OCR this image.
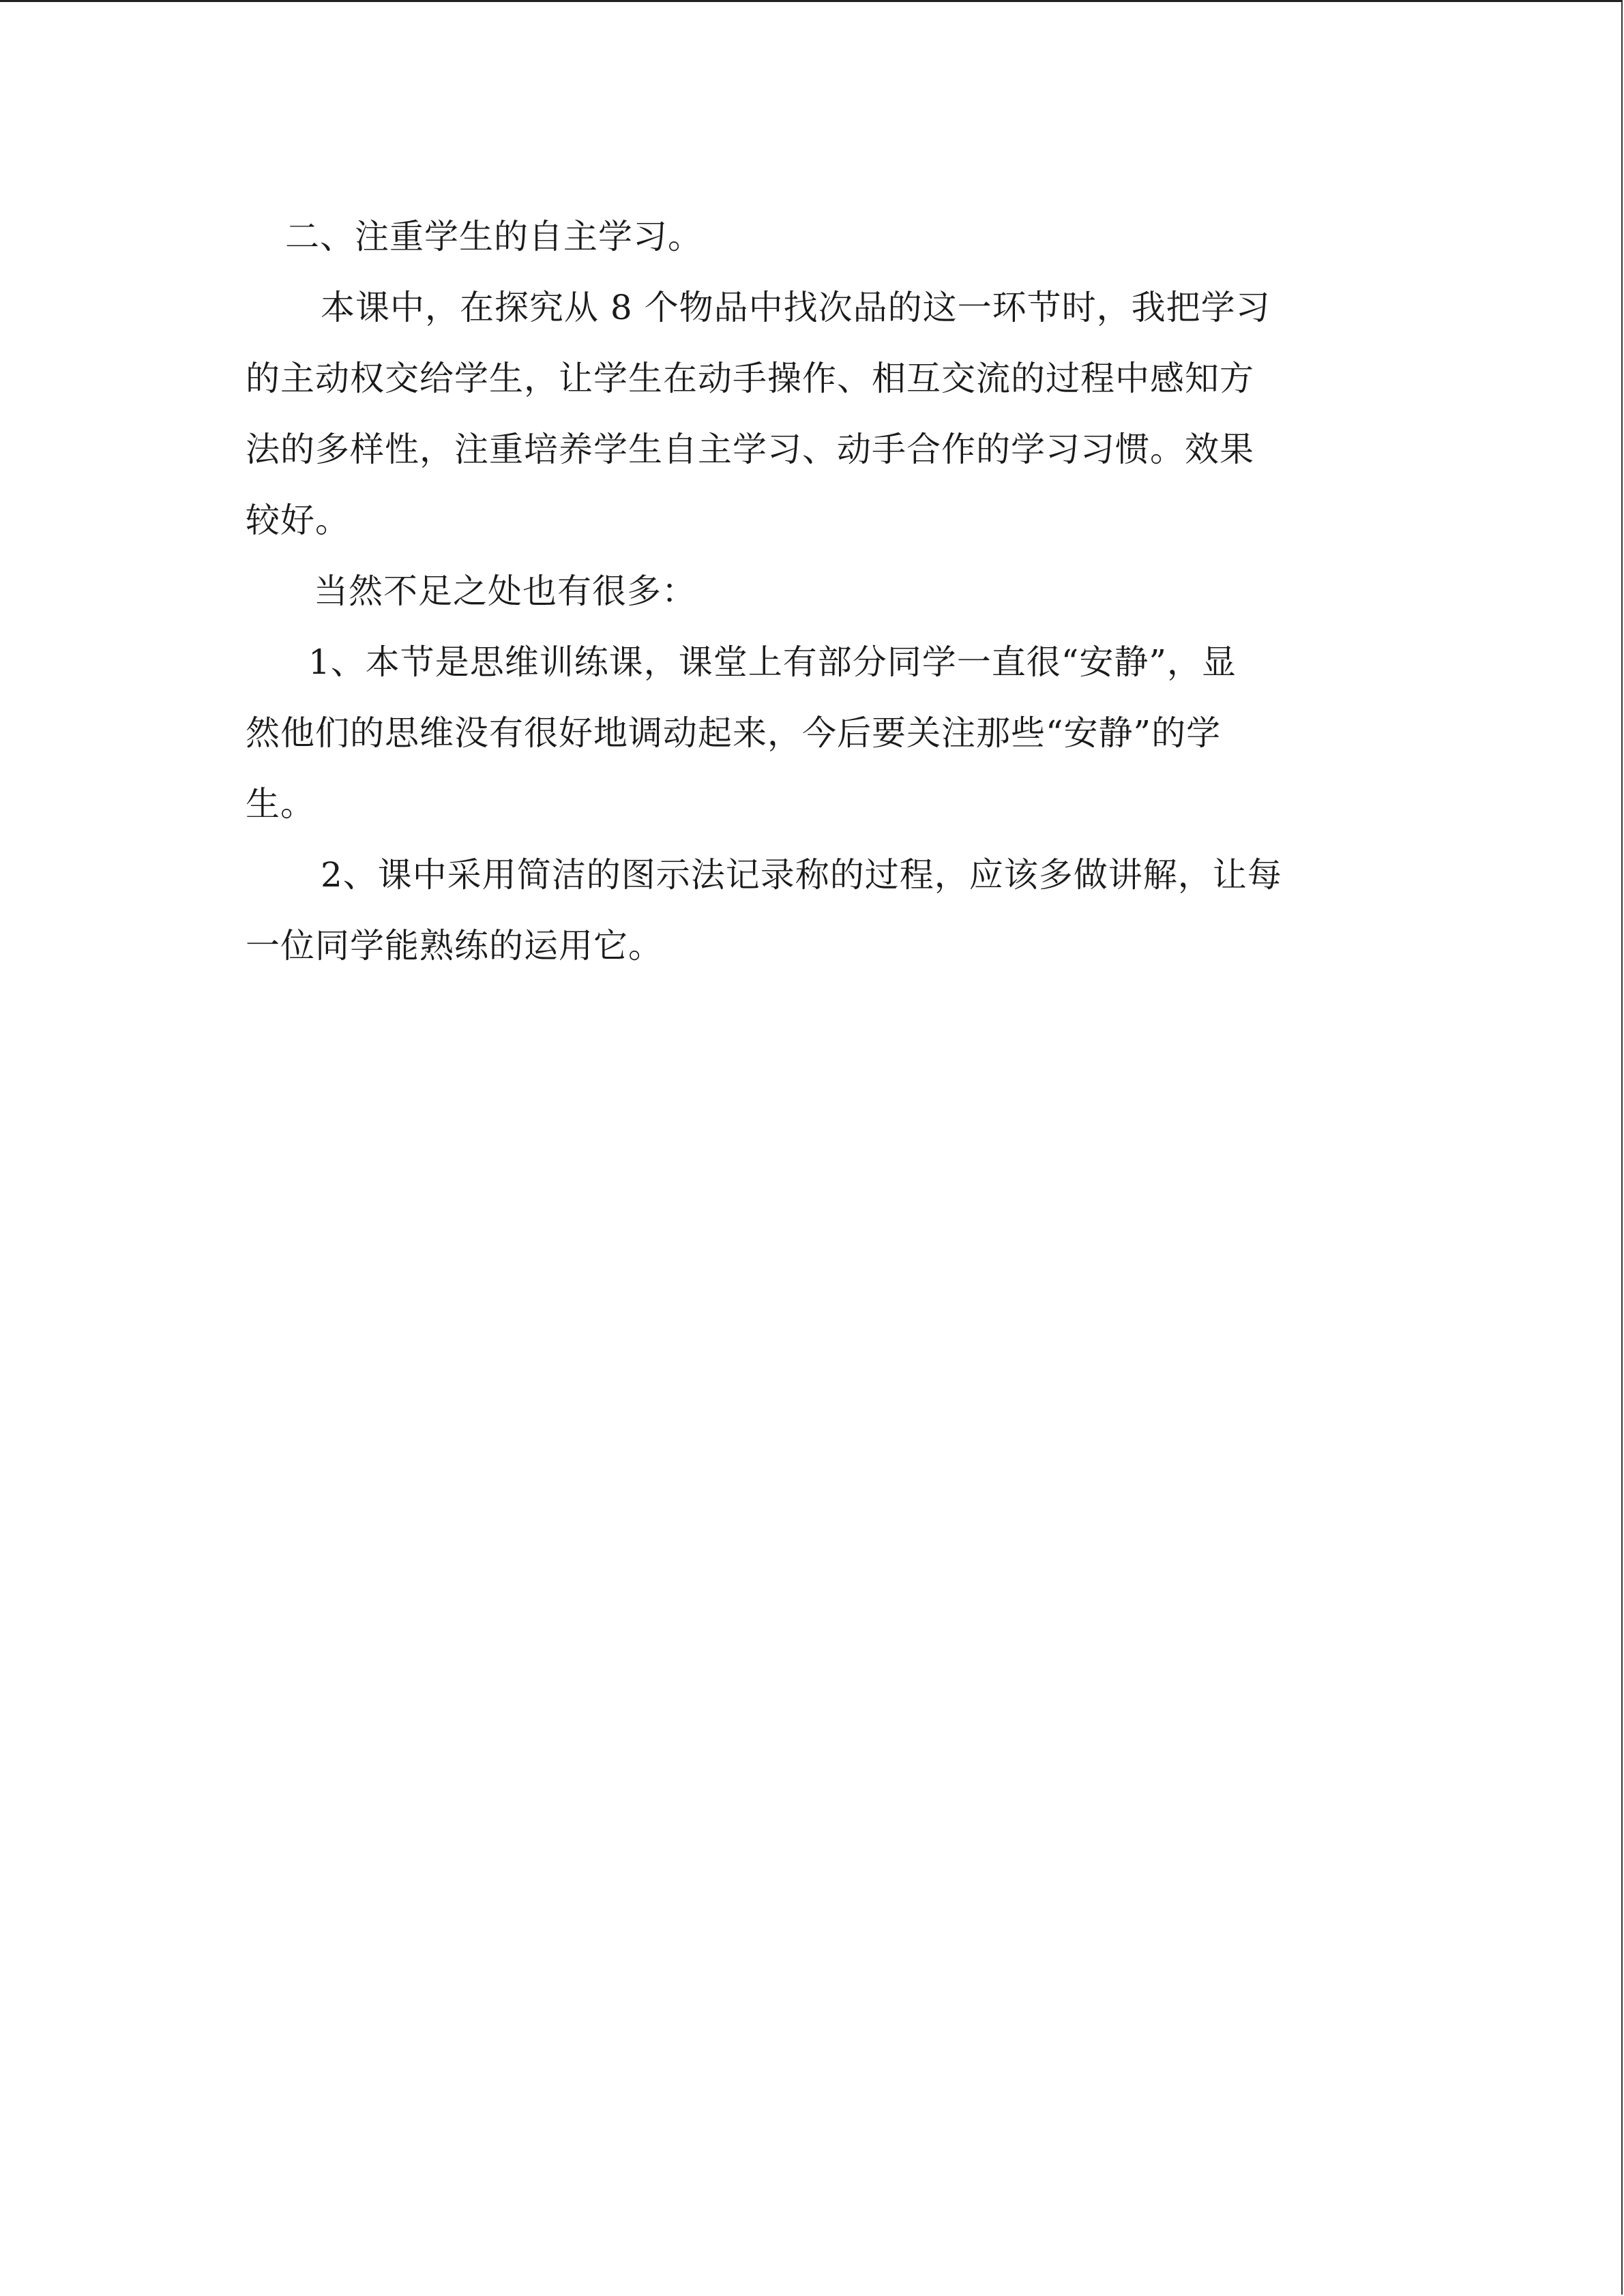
二、注重学生的自主学习。
本课中，在探究从 8 个物品中找次品的这一环节时，我把学习
的主动权交给学生，让学生在动手操作、相互交流的过程中感知方
法的多样性，注重培养学生自主学习、动手合作的学习习惯。效果
较好。
当然不足之处也有很多：
1、本节是思维训练课，课堂上有部分同学一直很“安静”，显
然他们的思维没有很好地调动起来，今后要关注那些“安静”的学
生。
2、课中采用简洁的图示法记录称的过程，应该多做讲解，让每
一位同学能熟练的运用它。
